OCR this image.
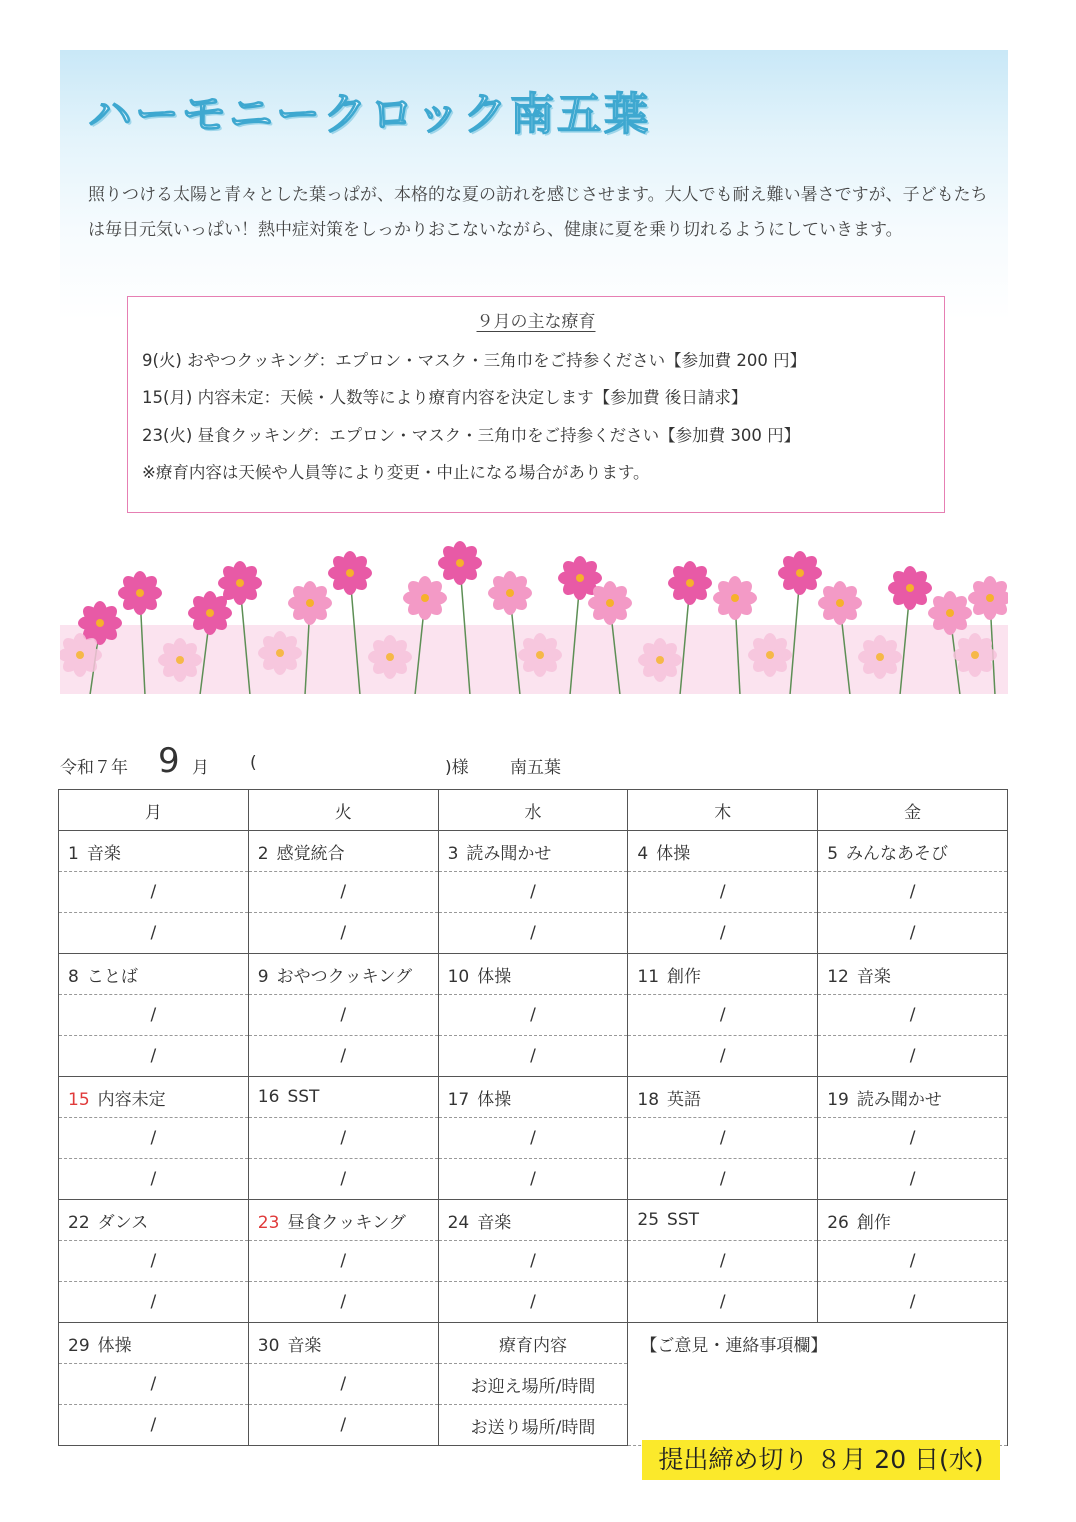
ハーモニークロック南五葉

照りつける太陽と青々とした葉っぱが、本格的な夏の訪れを感じさせます。大人でも耐え難い暑さですが、子どもたちは毎日元気いっぱい！熱中症対策をしっかりおこないながら、健康に夏を乗り切れるようにしていきます。

９月の主な療育
9(火) おやつクッキング：エプロン・マスク・三角巾をご持参ください【参加費 200 円】
15(月) 内容未定：天候・人数等により療育内容を決定します【参加費 後日請求】
23(火) 昼食クッキング：エプロン・マスク・三角巾をご持参ください【参加費 300 円】
※療育内容は天候や人員等により変更・中止になる場合があります。
令和７年 9 月 (	)様 南五葉
月	火	水	木	金
1 音楽	2 感覚統合	3 読み聞かせ	4 体操	5 みんなあそび
/	/	/	/	/
/	/	/	/	/
8 ことば	9 おやつクッキング	10 体操	11 創作	12 音楽
/	/	/	/	/
/	/	/	/	/
15 内容未定	16 SST	17 体操	18 英語	19 読み聞かせ
/	/	/	/	/
/	/	/	/	/
22 ダンス	23 昼食クッキング	24 音楽	25 SST	26 創作
/	/	/	/	/
/	/	/	/	/
29 体操	30 音楽	療育内容	【ご意見・連絡事項欄】	
/	/	お迎え場所/時間		
/	/	お送り場所/時間		
提出締め切り ８月 20 日(水)
